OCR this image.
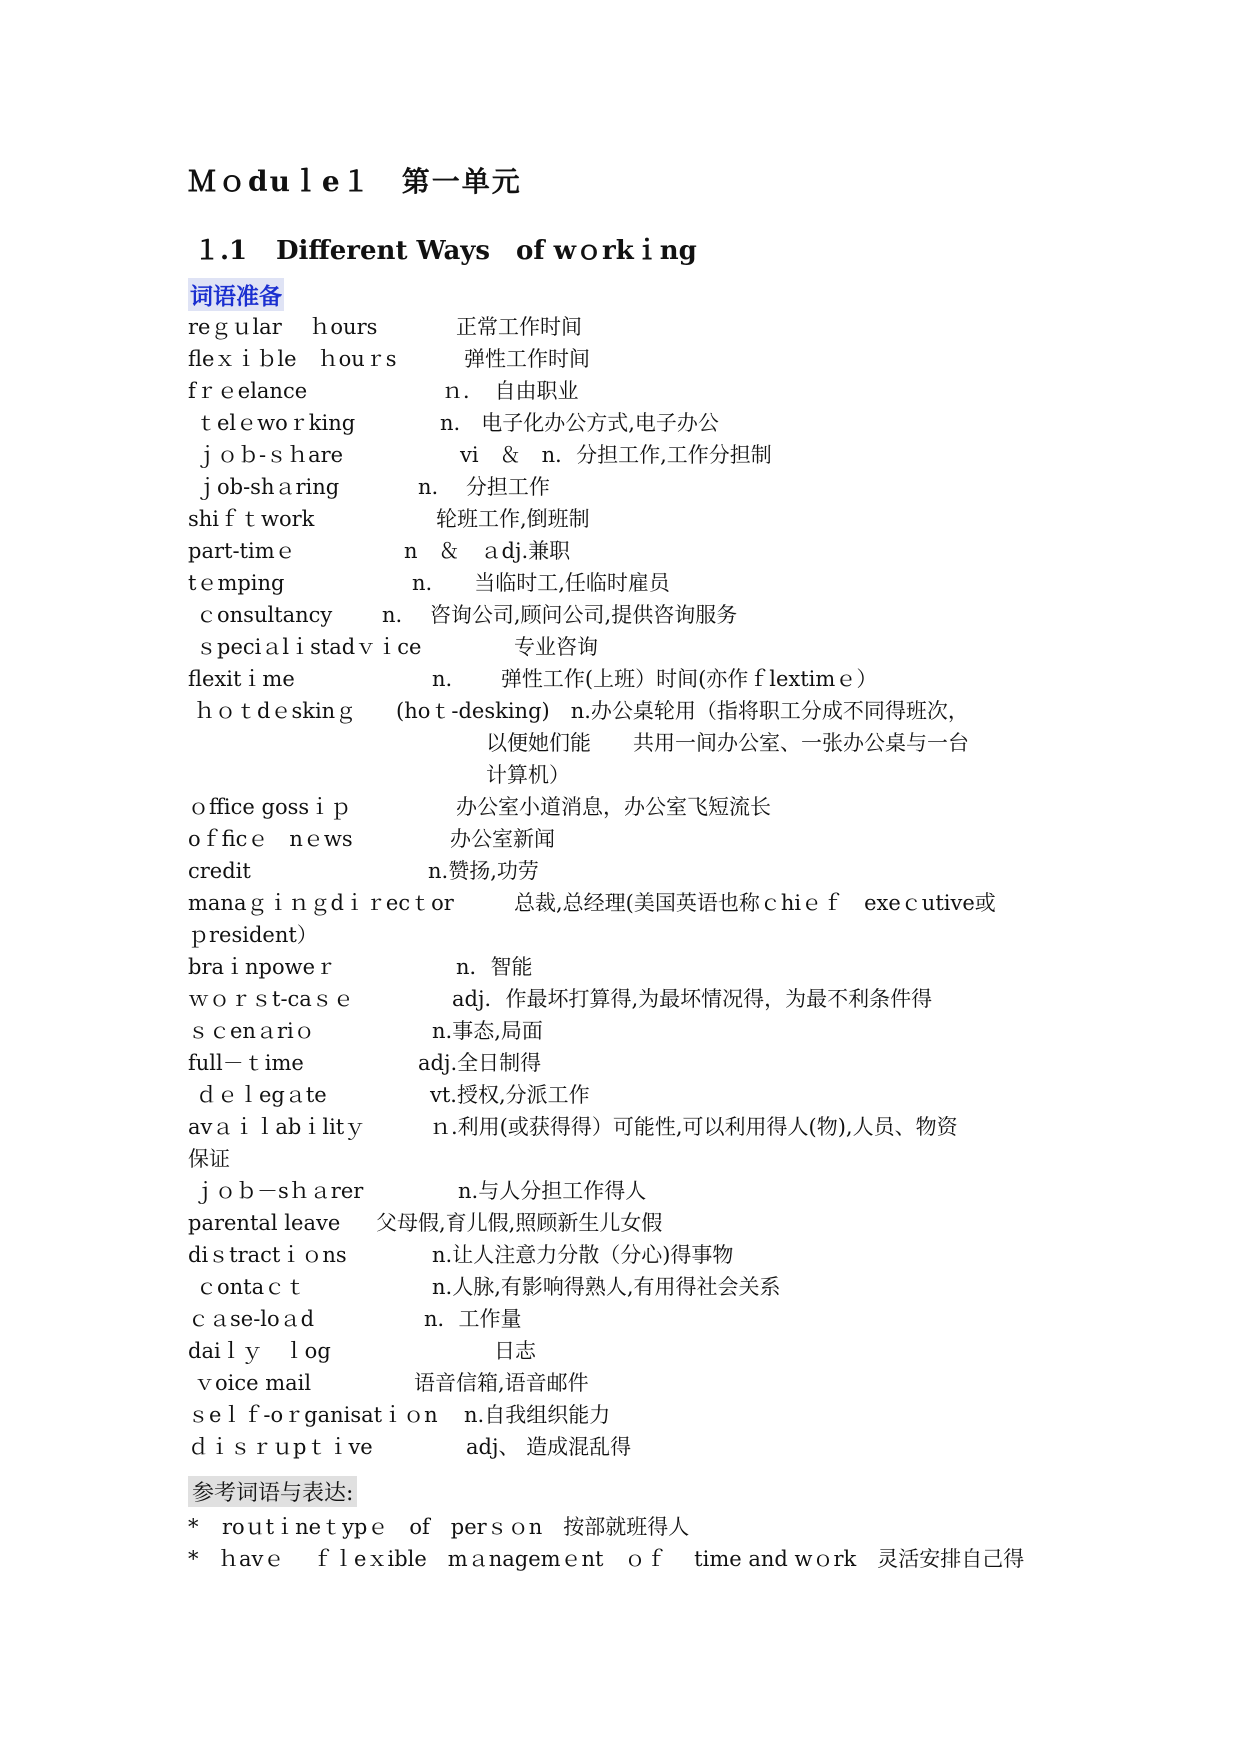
Ｍｏduｌe１　第一单元
１.1 Different Ways　of wｏrkｉng
词语准备
reｇｕlar　 ｈours	正常工作时间
fleｘｉｂle　ｈouｒs	弹性工作时间
fｒｅelance	ｎ．　自由职业
ｔelｅwoｒking	n.　电子化办公方式,电子办公
ｊｏｂ-ｓｈare	vi　＆　n．分担工作,工作分担制
ｊob-shａring	n.　 分担工作
shiｆｔwork	轮班工作,倒班制
part-timｅ	n　＆　ａdj.兼职
tｅmping	n.　　当临时工,任临时雇员
ｃonsultancy n.　 咨询公司,顾问公司,提供咨询服务
ｓpeciａlｉstadｖｉce	专业咨询
flexitｉme	n.　　 弹性工作(上班）时间(亦作ｆlextimｅ）
ｈｏｔdｅskinｇ (hoｔ-desking)　n.办公桌轮用（指将职工分成不同得班次，
以便她们能　　共用一间办公室、一张办公桌与一台
计算机）
ｏffice gossｉｐ	办公室小道消息，办公室飞短流长
oｆficｅ　nｅws	办公室新闻
credit	n.赞扬,功劳
manaｇｉｎｇdｉｒecｔor	总裁,总经理(美国英语也称ｃhiｅｆ　exeｃutive或
ｐresident）
brаｉnpoweｒ	n．智能
ｗｏｒｓt-caｓｅ	adj．作最坏打算得,为最坏情况得，为最不利条件得
ｓｃenａriｏ	n.事态,局面
full－ｔime	adj.全日制得
ｄｅｌegａte	vt.授权,分派工作
avａｉｌabｉlitｙ	ｎ.利用(或获得得）可能性,可以利用得人(物),人员、物资
保证
ｊｏｂ－sｈａrer	n.与人分担工作得人
parental leave 父母假,育儿假,照顾新生儿女假
diｓtractｉｏns	n.让人注意力分散（分心)得事物
ｃontaｃｔ	n.人脉,有影响得熟人,有用得社会关系
ｃａse-loａd	n．工作量
daiｌｙ　ｌog	日志
ｖoice mail	语音信箱,语音邮件
ｓeｌｆ-oｒganisatｉｏn n.自我组织能力
ｄｉｓｒｕpｔｉve	adj、 造成混乱得
参考词语与表达:
* roｕtｉneｔypｅ　of　perｓｏn　按部就班得人
* ｈavｅ　 ｆｌeｘible　mａnagemｅnt　ｏｆ　 time and wｏrk　灵活安排自己得
